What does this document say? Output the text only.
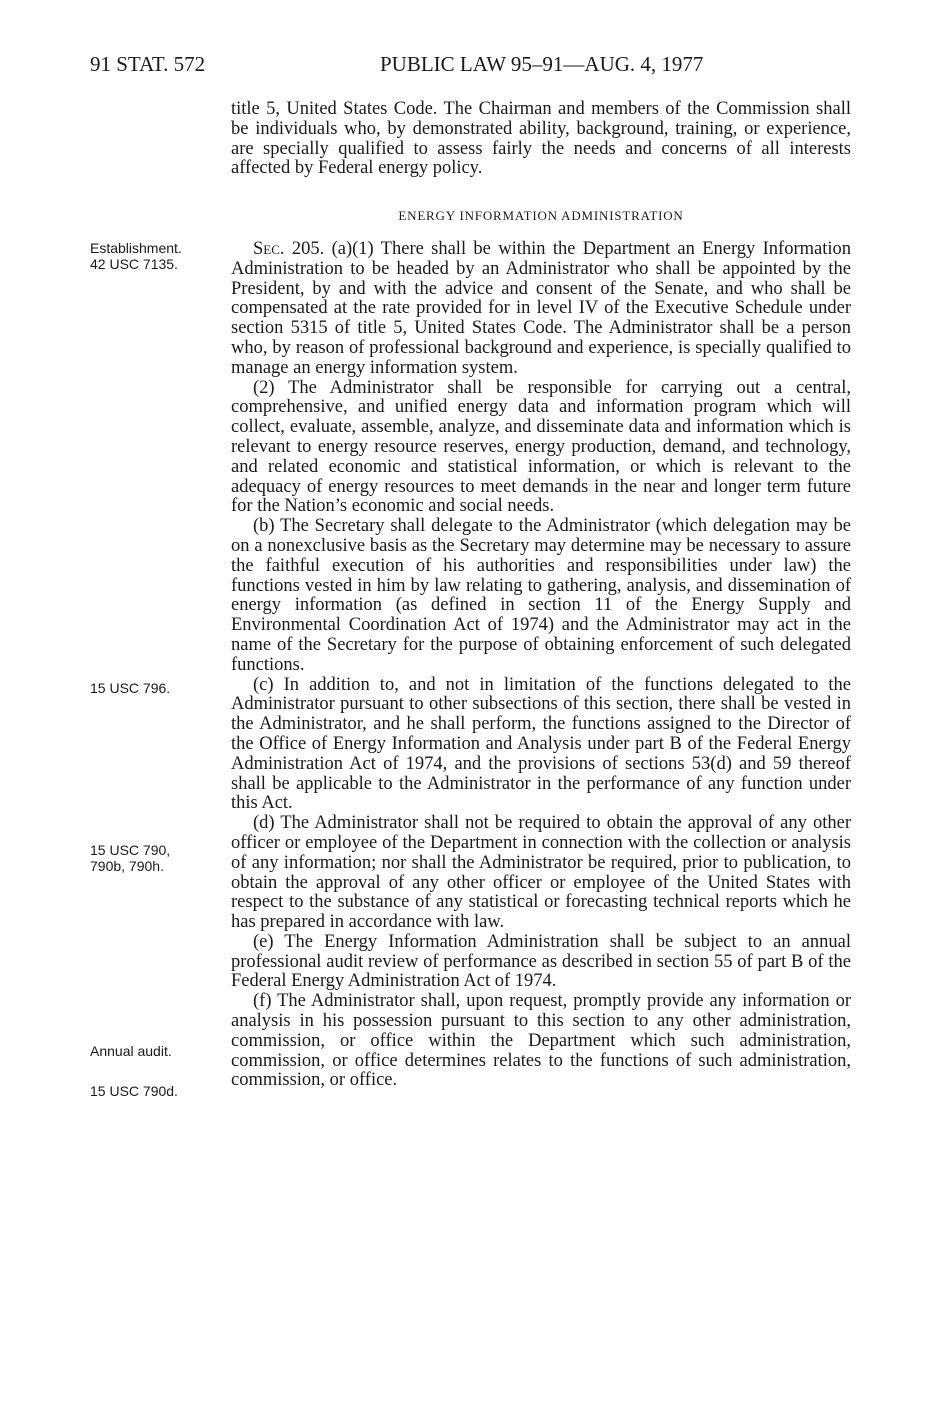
91 STAT. 572	PUBLIC LAW 95–91—AUG. 4, 1977

title 5, United States Code. The Chairman and members of the Commission shall be individuals who, by demonstrated ability, background, training, or experience, are specially qualified to assess fairly the needs and concerns of all interests affected by Federal energy policy.

ENERGY INFORMATION ADMINISTRATION

Sec. 205. (a)(1) There shall be within the Department an Energy Information Administration to be headed by an Administrator who shall be appointed by the President, by and with the advice and consent of the Senate, and who shall be compensated at the rate provided for in level IV of the Executive Schedule under section 5315 of title 5, United States Code. The Administrator shall be a person who, by reason of professional background and experience, is specially qualified to manage an energy information system.

(2) The Administrator shall be responsible for carrying out a central, comprehensive, and unified energy data and information program which will collect, evaluate, assemble, analyze, and disseminate data and information which is relevant to energy resource reserves, energy production, demand, and technology, and related economic and statistical information, or which is relevant to the adequacy of energy resources to meet demands in the near and longer term future for the Nation’s economic and social needs.

(b) The Secretary shall delegate to the Administrator (which delegation may be on a nonexclusive basis as the Secretary may determine may be necessary to assure the faithful execution of his authorities and responsibilities under law) the functions vested in him by law relating to gathering, analysis, and dissemination of energy information (as defined in section 11 of the Energy Supply and Environmental Coordination Act of 1974) and the Administrator may act in the name of the Secretary for the purpose of obtaining enforcement of such delegated functions.

(c) In addition to, and not in limitation of the functions delegated to the Administrator pursuant to other subsections of this section, there shall be vested in the Administrator, and he shall perform, the functions assigned to the Director of the Office of Energy Information and Analysis under part B of the Federal Energy Administration Act of 1974, and the provisions of sections 53(d) and 59 thereof shall be applicable to the Administrator in the performance of any function under this Act.

(d) The Administrator shall not be required to obtain the approval of any other officer or employee of the Department in connection with the collection or analysis of any information; nor shall the Administrator be required, prior to publication, to obtain the approval of any other officer or employee of the United States with respect to the substance of any statistical or forecasting technical reports which he has prepared in accordance with law.

(e) The Energy Information Administration shall be subject to an annual professional audit review of performance as described in section 55 of part B of the Federal Energy Administration Act of 1974.

(f) The Administrator shall, upon request, promptly provide any information or analysis in his possession pursuant to this section to any other administration, commission, or office within the Department which such administration, commission, or office determines relates to the functions of such administration, commission, or office.

Establishment.
42 USC 7135.
15 USC 796.
15 USC 790,
790b, 790h.
Annual audit.
15 USC 790d.
